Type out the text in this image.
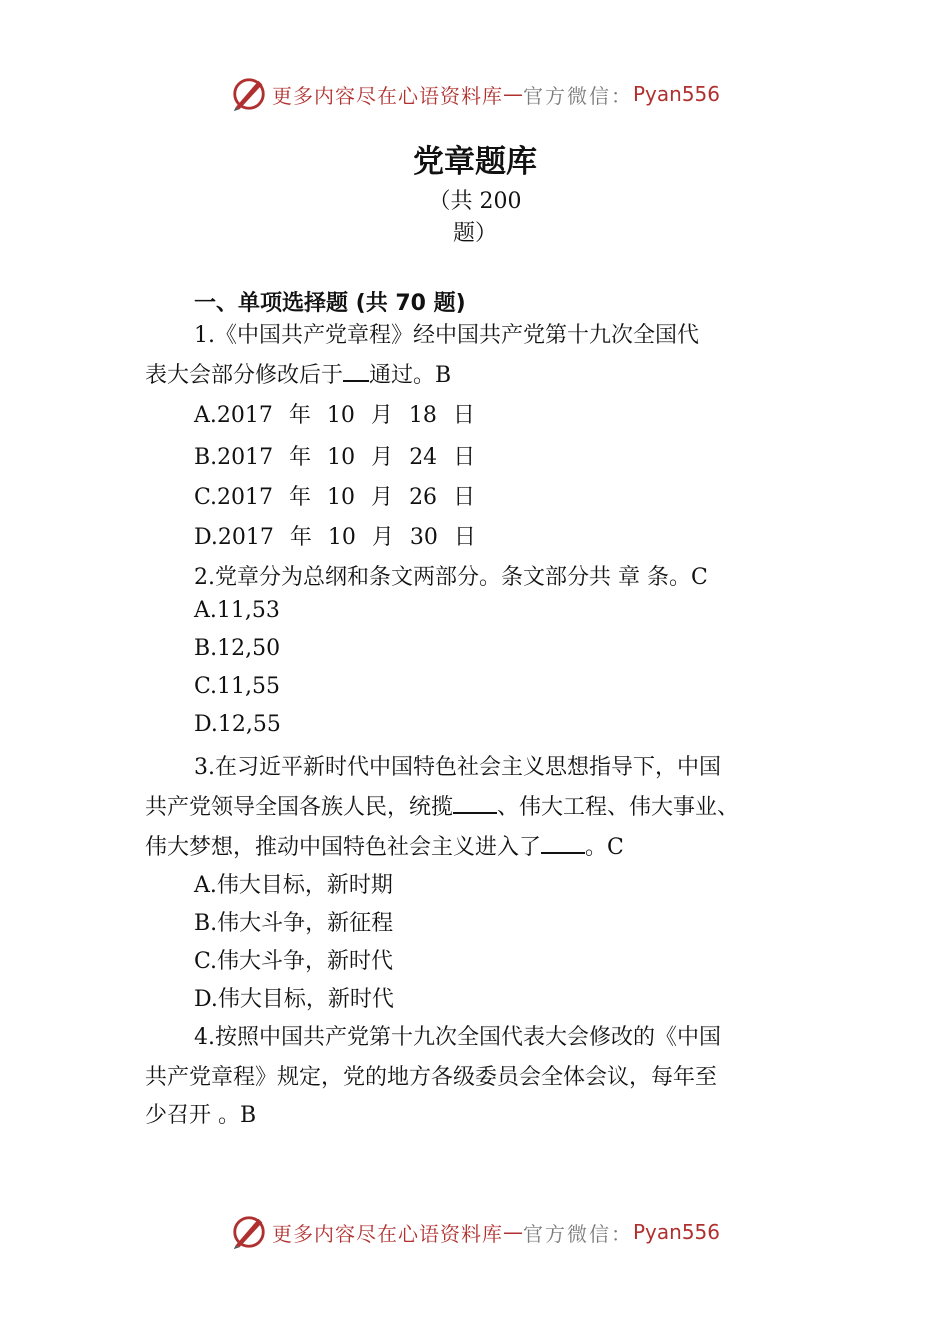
更多内容尽在心语资料库 — 官方微信： Pyan556
党章题库
（共 200
题）
一、单项选择题 (共 70 题)
1.《中国共产党章程》经中国共产党第十九次全国代
表大会部分修改后于 通过。B
A.2017 年 10 月 18 日
B.2017 年 10 月 24 日
C.2017 年 10 月 26 日
D.2017 年 10 月 30 日
2.党章分为总纲和条文两部分。条文部分共 章 条。C
A.11,53
B.12,50
C.11,55
D.12,55
3.在习近平新时代中国特色社会主义思想指导下，中国
共产党领导全国各族人民，统揽 、伟大工程、伟大事业、
伟大梦想，推动中国特色社会主义进入了 。C
A.伟大目标，新时期
B.伟大斗争，新征程
C.伟大斗争，新时代
D.伟大目标，新时代
4.按照中国共产党第十九次全国代表大会修改的《中国
共产党章程》规定，党的地方各级委员会全体会议，每年至
少召开 。B
更多内容尽在心语资料库 — 官方微信： Pyan556
